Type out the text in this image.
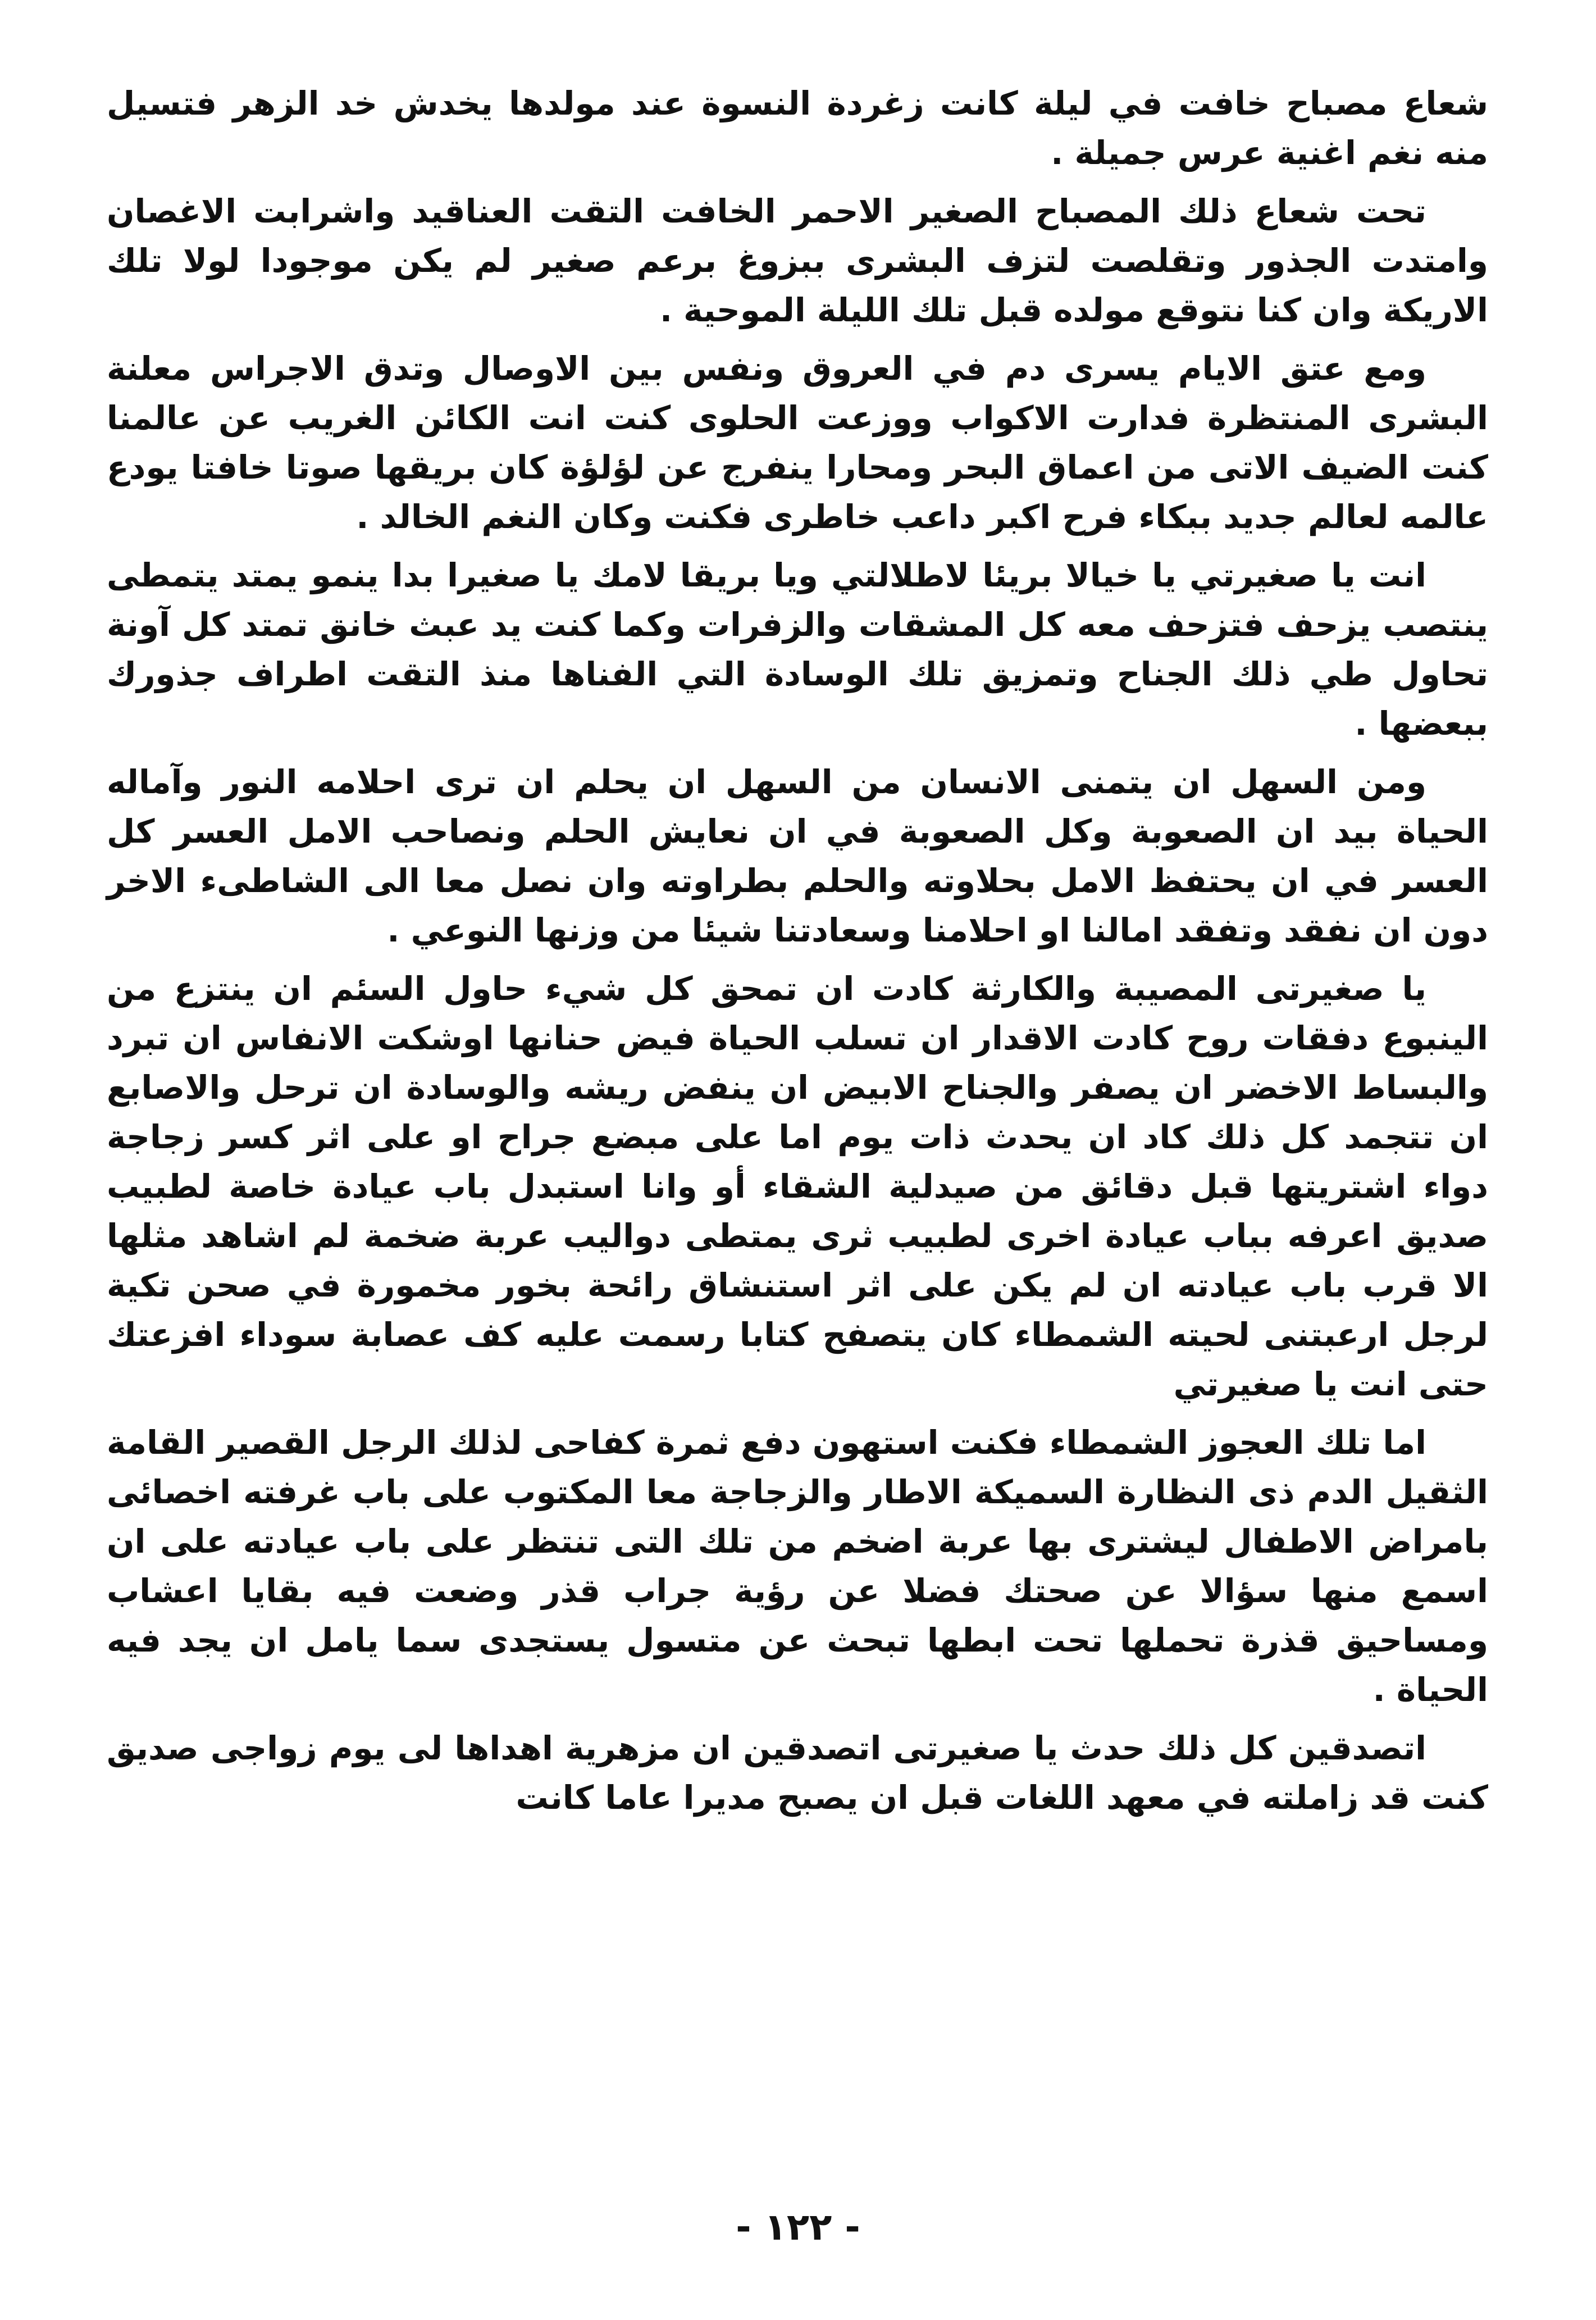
شعاع مصباح خافت في ليلة كانت زغردة النسوة عند مولدها يخدش خد الزهر فتسيل منه نغم اغنية عرس جميلة .

تحت شعاع ذلك المصباح الصغير الاحمر الخافت التقت العناقيد واشرابت الاغصان وامتدت الجذور وتقلصت لتزف البشرى ببزوغ برعم صغير لم يكن موجودا لولا تلك الاريكة وان كنا نتوقع مولده قبل تلك الليلة الموحية .

ومع عتق الايام يسرى دم في العروق ونفس بين الاوصال وتدق الاجراس معلنة البشرى المنتظرة فدارت الاكواب ووزعت الحلوى كنت انت الكائن الغريب عن عالمنا كنت الضيف الاتى من اعماق البحر ومحارا ينفرج عن لؤلؤة كان بريقها صوتا خافتا يودع عالمه لعالم جديد ببكاء فرح اكبر داعب خاطرى فكنت وكان النغم الخالد .

انت يا صغيرتي يا خيالا بريئا لاطلالتي ويا بريقا لامك يا صغيرا بدا ينمو يمتد يتمطى ينتصب يزحف فتزحف معه كل المشقات والزفرات وكما كنت يد عبث خانق تمتد كل آونة تحاول طي ذلك الجناح وتمزيق تلك الوسادة التي الفناها منذ التقت اطراف جذورك ببعضها .

ومن السهل ان يتمنى الانسان من السهل ان يحلم ان ترى احلامه النور وآماله الحياة بيد ان الصعوبة وكل الصعوبة في ان نعايش الحلم ونصاحب الامل العسر كل العسر في ان يحتفظ الامل بحلاوته والحلم بطراوته وان نصل معا الى الشاطىء الاخر دون ان نفقد وتفقد امالنا او احلامنا وسعادتنا شيئا من وزنها النوعي .

يا صغيرتى المصيبة والكارثة كادت ان تمحق كل شيء حاول السئم ان ينتزع من الينبوع دفقات روح كادت الاقدار ان تسلب الحياة فيض حنانها اوشكت الانفاس ان تبرد والبساط الاخضر ان يصفر والجناح الابيض ان ينفض ريشه والوسادة ان ترحل والاصابع ان تتجمد كل ذلك كاد ان يحدث ذات يوم اما على مبضع جراح او على اثر كسر زجاجة دواء اشتريتها قبل دقائق من صيدلية الشقاء أو وانا استبدل باب عيادة خاصة لطبيب صديق اعرفه بباب عيادة اخرى لطبيب ثرى يمتطى دواليب عربة ضخمة لم اشاهد مثلها الا قرب باب عيادته ان لم يكن على اثر استنشاق رائحة بخور مخمورة في صحن تكية لرجل ارعبتنى لحيته الشمطاء كان يتصفح كتابا رسمت عليه كف عصابة سوداء افزعتك حتى انت يا صغيرتي

اما تلك العجوز الشمطاء فكنت استهون دفع ثمرة كفاحى لذلك الرجل القصير القامة الثقيل الدم ذى النظارة السميكة الاطار والزجاجة معا المكتوب على باب غرفته اخصائى بامراض الاطفال ليشترى بها عربة اضخم من تلك التى تنتظر على باب عيادته على ان اسمع منها سؤالا عن صحتك فضلا عن رؤية جراب قذر وضعت فيه بقايا اعشاب ومساحيق قذرة تحملها تحت ابطها تبحث عن متسول يستجدى سما يامل ان يجد فيه الحياة .

اتصدقين كل ذلك حدث يا صغيرتى اتصدقين ان مزهرية اهداها لى يوم زواجى صديق كنت قد زاملته في معهد اللغات قبل ان يصبح مديرا عاما كانت

- ١٢٢ -
